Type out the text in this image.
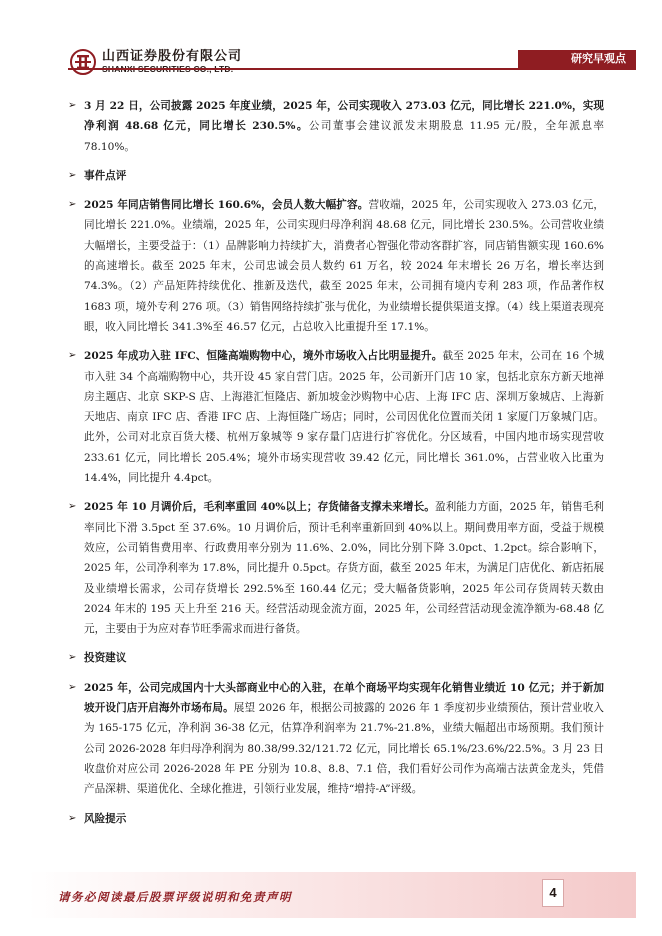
山西证券股份有限公司	研究早观点
➢ 3 月 22 日，公司披露 2025 年度业绩，2025 年，公司实现收入 273.03 亿元，同比增长 221.0%，实现净利润 48.68 亿元，同比增长 230.5%。公司董事会建议派发末期股息 11.95 元/股，全年派息率 78.10%。
➢ 事件点评
➢ 2025 年同店销售同比增长 160.6%，会员人数大幅扩容。营收端，2025 年，公司实现收入 273.03 亿元，同比增长 221.0%。业绩端，2025 年，公司实现归母净利润 48.68 亿元，同比增长 230.5%。公司营收业绩大幅增长，主要受益于：（1）品牌影响力持续扩大，消费者心智强化带动客群扩容，同店销售额实现 160.6%的高速增长。截至 2025 年末，公司忠诚会员人数约 61 万名，较 2024 年末增长 26 万名，增长率达到 74.3%。（2）产品矩阵持续优化、推新及迭代，截至 2025 年末，公司拥有境内专利 283 项，作品著作权 1683 项，境外专利 276 项。（3）销售网络持续扩张与优化，为业绩增长提供渠道支撑。（4）线上渠道表现亮眼，收入同比增长 341.3%至 46.57 亿元，占总收入比重提升至 17.1%。
➢ 2025 年成功入驻 IFC、恒隆高端购物中心，境外市场收入占比明显提升。截至 2025 年末，公司在 16 个城市入驻 34 个高端购物中心，共开设 45 家自营门店。2025 年，公司新开门店 10 家，包括北京东方新天地禅房主题店、北京 SKP-S 店、上海港汇恒隆店、新加坡金沙购物中心店、上海 IFC 店、深圳万象城店、上海新天地店、南京 IFC 店、香港 IFC 店、上海恒隆广场店；同时，公司因优化位置而关闭 1 家厦门万象城门店。此外，公司对北京百货大楼、杭州万象城等 9 家存量门店进行扩容优化。分区域看，中国内地市场实现营收 233.61 亿元，同比增长 205.4%；境外市场实现营收 39.42 亿元，同比增长 361.0%，占营业收入比重为 14.4%，同比提升 4.4pct。
➢ 2025 年 10 月调价后，毛利率重回 40%以上；存货储备支撑未来增长。盈利能力方面，2025 年，销售毛利率同比下滑 3.5pct 至 37.6%。10 月调价后，预计毛利率重新回到 40%以上。期间费用率方面，受益于规模效应，公司销售费用率、行政费用率分别为 11.6%、2.0%，同比分别下降 3.0pct、1.2pct。综合影响下，2025 年，公司净利率为 17.8%，同比提升 0.5pct。存货方面，截至 2025 年末，为满足门店优化、新店拓展及业绩增长需求，公司存货增长 292.5%至 160.44 亿元；受大幅备货影响，2025 年公司存货周转天数由 2024 年末的 195 天上升至 216 天。经营活动现金流方面，2025 年，公司经营活动现金流净额为-68.48 亿元，主要由于为应对春节旺季需求而进行备货。
➢ 投资建议
➢ 2025 年，公司完成国内十大头部商业中心的入驻，在单个商场平均实现年化销售业绩近 10 亿元；并于新加坡开设门店开启海外市场布局。展望 2026 年，根据公司披露的 2026 年 1 季度初步业绩预估，预计营业收入为 165-175 亿元，净利润 36-38 亿元，估算净利润率为 21.7%-21.8%，业绩大幅超出市场预期。我们预计公司 2026-2028 年归母净利润为 80.38/99.32/121.72 亿元，同比增长 65.1%/23.6%/22.5%。3 月 23 日收盘价对应公司 2026-2028 年 PE 分别为 10.8、8.8、7.1 倍，我们看好公司作为高端古法黄金龙头，凭借产品深耕、渠道优化、全球化推进，引领行业发展，维持“增持-A”评级。
➢ 风险提示
请务必阅读最后股票评级说明和免责声明	4
